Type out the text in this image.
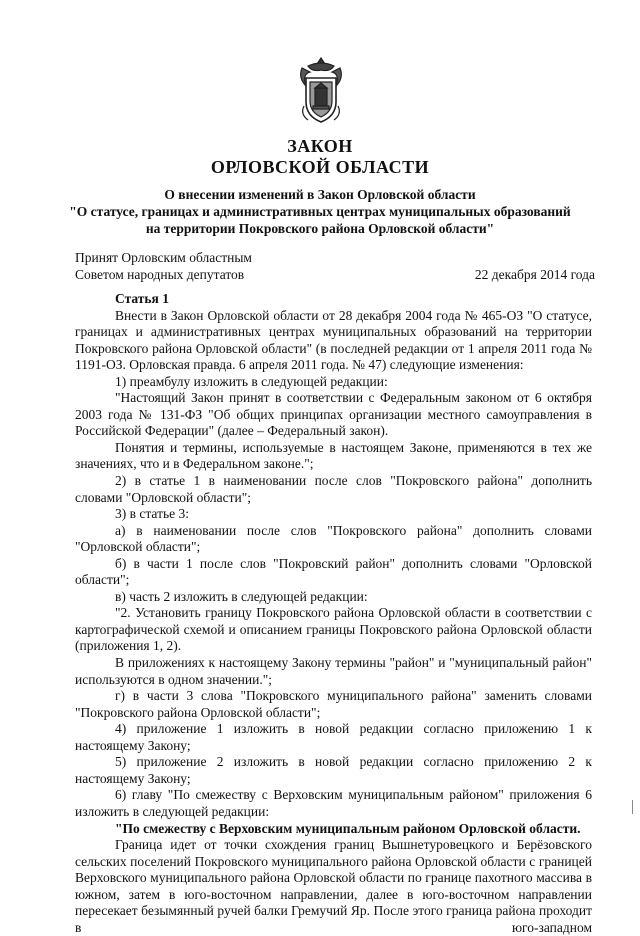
ЗАКОН
ОРЛОВСКОЙ ОБЛАСТИ
О внесении изменений в Закон Орловской области
"О статусе, границах и административных центрах муниципальных образований
на территории Покровского района Орловской области"
Принят Орловским областным
Советом народных депутатов	22 декабря 2014 года

Статья 1

Внести в Закон Орловской области от 28 декабря 2004 года № 465-ОЗ "О статусе, границах и административных центрах муниципальных образований на территории Покровского района Орловской области" (в последней редакции от 1 апреля 2011 года № 1191-ОЗ. Орловская правда. 6 апреля 2011 года. № 47) следующие изменения:

1) преамбулу изложить в следующей редакции:

"Настоящий Закон принят в соответствии с Федеральным законом от 6 октября 2003 года № 131-ФЗ "Об общих принципах организации местного самоуправления в Российской Федерации" (далее – Федеральный закон).

Понятия и термины, используемые в настоящем Законе, применяются в тех же значениях, что и в Федеральном законе.";

2) в статье 1 в наименовании после слов "Покровского района" дополнить словами "Орловской области";

3) в статье 3:

а) в наименовании после слов "Покровского района" дополнить словами "Орловской области";

б) в части 1 после слов "Покровский район" дополнить словами "Орловской области";

в) часть 2 изложить в следующей редакции:

"2. Установить границу Покровского района Орловской области в соответствии с картографической схемой и описанием границы Покровского района Орловской области (приложения 1, 2).

В приложениях к настоящему Закону термины "район" и "муниципальный район" используются в одном значении.";

г) в части 3 слова "Покровского муниципального района" заменить словами "Покровского района Орловской области";

4) приложение 1 изложить в новой редакции согласно приложению 1 к настоящему Закону;

5) приложение 2 изложить в новой редакции согласно приложению 2 к настоящему Закону;

6) главу "По смежеству с Верховским муниципальным районом" приложения 6 изложить в следующей редакции:

"По смежеству с Верховским муниципальным районом Орловской области.

Граница идет от точки схождения границ Вышнетуровецкого и Берёзовского сельских поселений Покровского муниципального района Орловской области с границей Верховского муниципального района Орловской области по границе пахотного массива в южном, затем в юго-восточном направлении, далее в юго-восточном направлении пересекает безымянный ручей балки Гремучий Яр. После этого граница района проходит в юго-западном
